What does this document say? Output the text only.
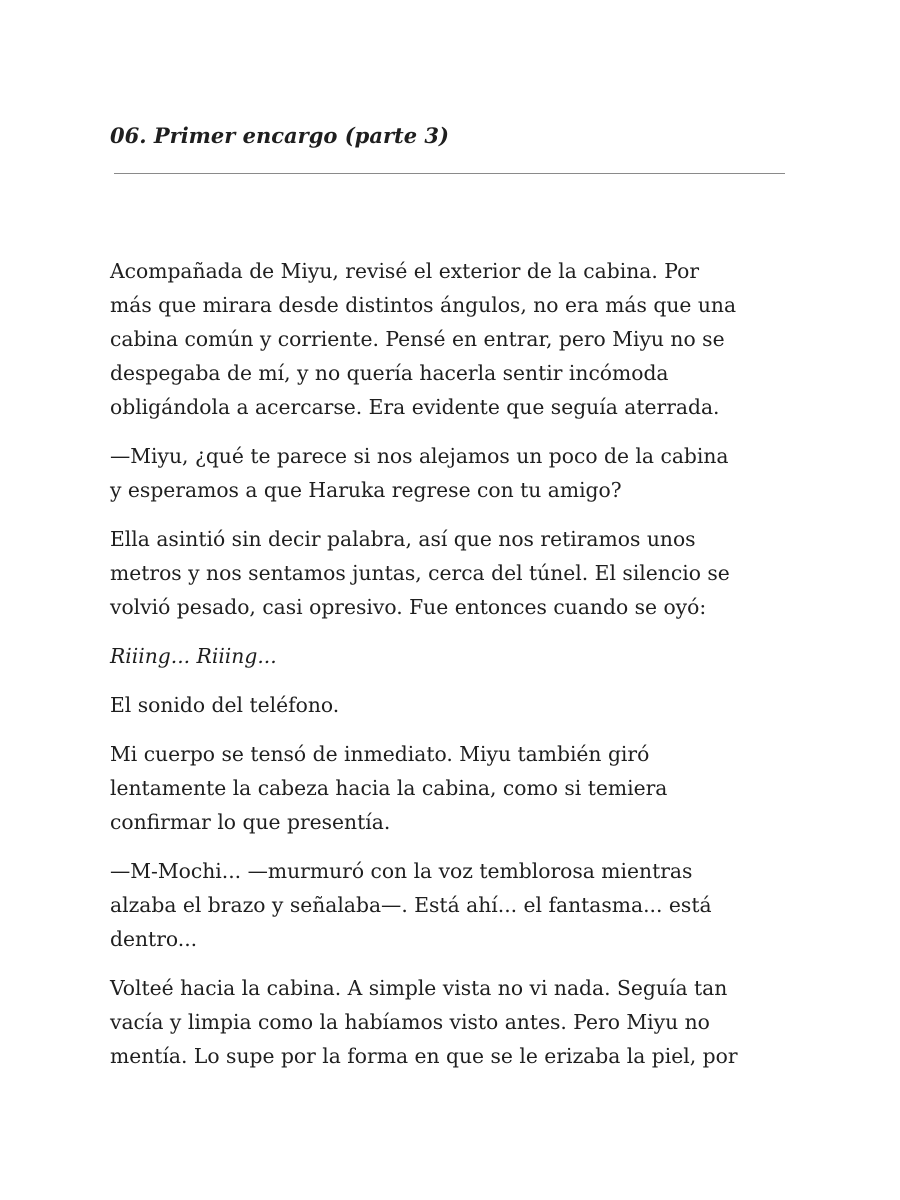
06. Primer encargo (parte 3)

Acompañada de Miyu, revisé el exterior de la cabina. Por
más que mirara desde distintos ángulos, no era más que una
cabina común y corriente. Pensé en entrar, pero Miyu no se
despegaba de mí, y no quería hacerla sentir incómoda
obligándola a acercarse. Era evidente que seguía aterrada.

—Miyu, ¿qué te parece si nos alejamos un poco de la cabina
y esperamos a que Haruka regrese con tu amigo?

Ella asintió sin decir palabra, así que nos retiramos unos
metros y nos sentamos juntas, cerca del túnel. El silencio se
volvió pesado, casi opresivo. Fue entonces cuando se oyó:

Riiing... Riiing...

El sonido del teléfono.

Mi cuerpo se tensó de inmediato. Miyu también giró
lentamente la cabeza hacia la cabina, como si temiera
confirmar lo que presentía.

—M-Mochi... —murmuró con la voz temblorosa mientras
alzaba el brazo y señalaba—. Está ahí... el fantasma... está
dentro...

Volteé hacia la cabina. A simple vista no vi nada. Seguía tan
vacía y limpia como la habíamos visto antes. Pero Miyu no
mentía. Lo supe por la forma en que se le erizaba la piel, por
